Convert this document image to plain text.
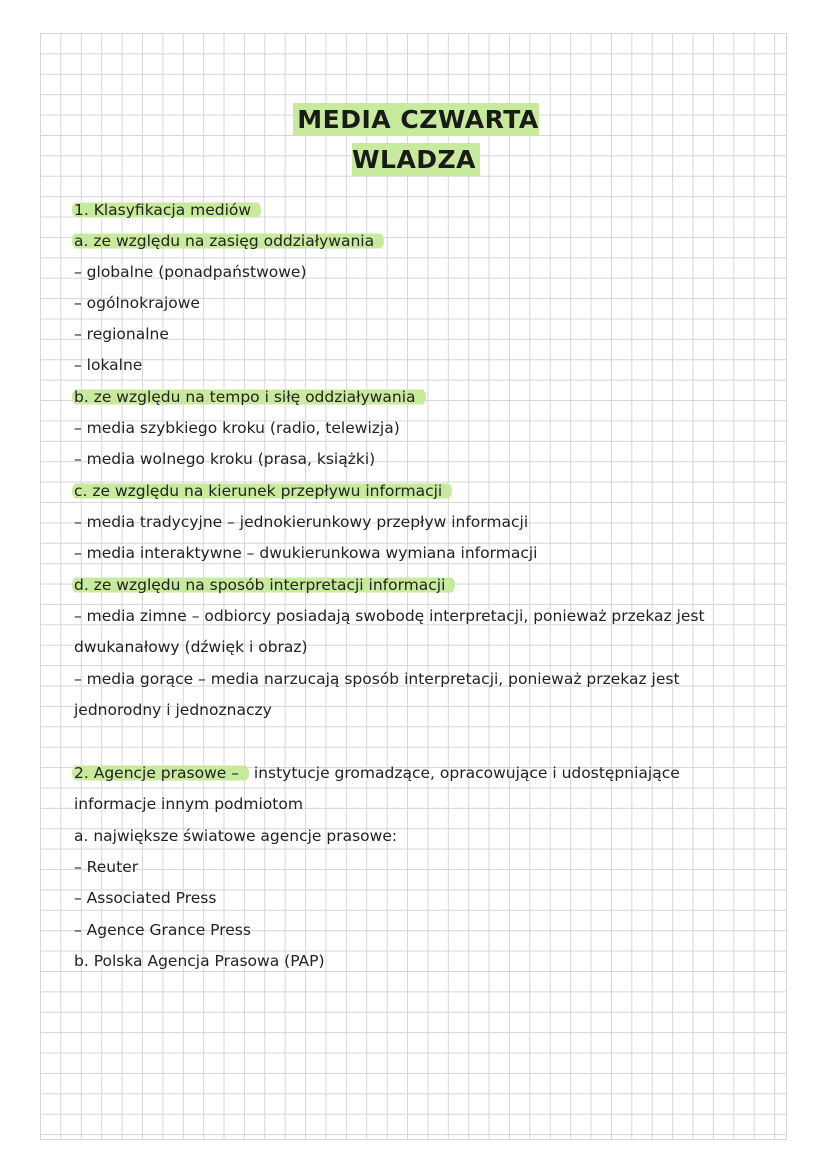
MEDIA CZWARTA WLADZA
1. Klasyfikacja mediów
a. ze względu na zasięg oddziaływania
– globalne (ponadpaństwowe)
– ogólnokrajowe
– regionalne
– lokalne
b. ze względu na tempo i siłę oddziaływania
– media szybkiego kroku (radio, telewizja)
– media wolnego kroku (prasa, książki)
c. ze względu na kierunek przepływu informacji
– media tradycyjne – jednokierunkowy przepływ informacji
– media interaktywne – dwukierunkowa wymiana informacji
d. ze względu na sposób interpretacji informacji
– media zimne – odbiorcy posiadają swobodę interpretacji, ponieważ przekaz jest
dwukanałowy (dźwięk i obraz)
– media gorące – media narzucają sposób interpretacji, ponieważ przekaz jest
jednorodny i jednoznaczy
2. Agencje prasowe – instytucje gromadzące, opracowujące i udostępniające
informacje innym podmiotom
a. największe światowe agencje prasowe:
– Reuter
– Associated Press
– Agence Grance Press
b. Polska Agencja Prasowa (PAP)
